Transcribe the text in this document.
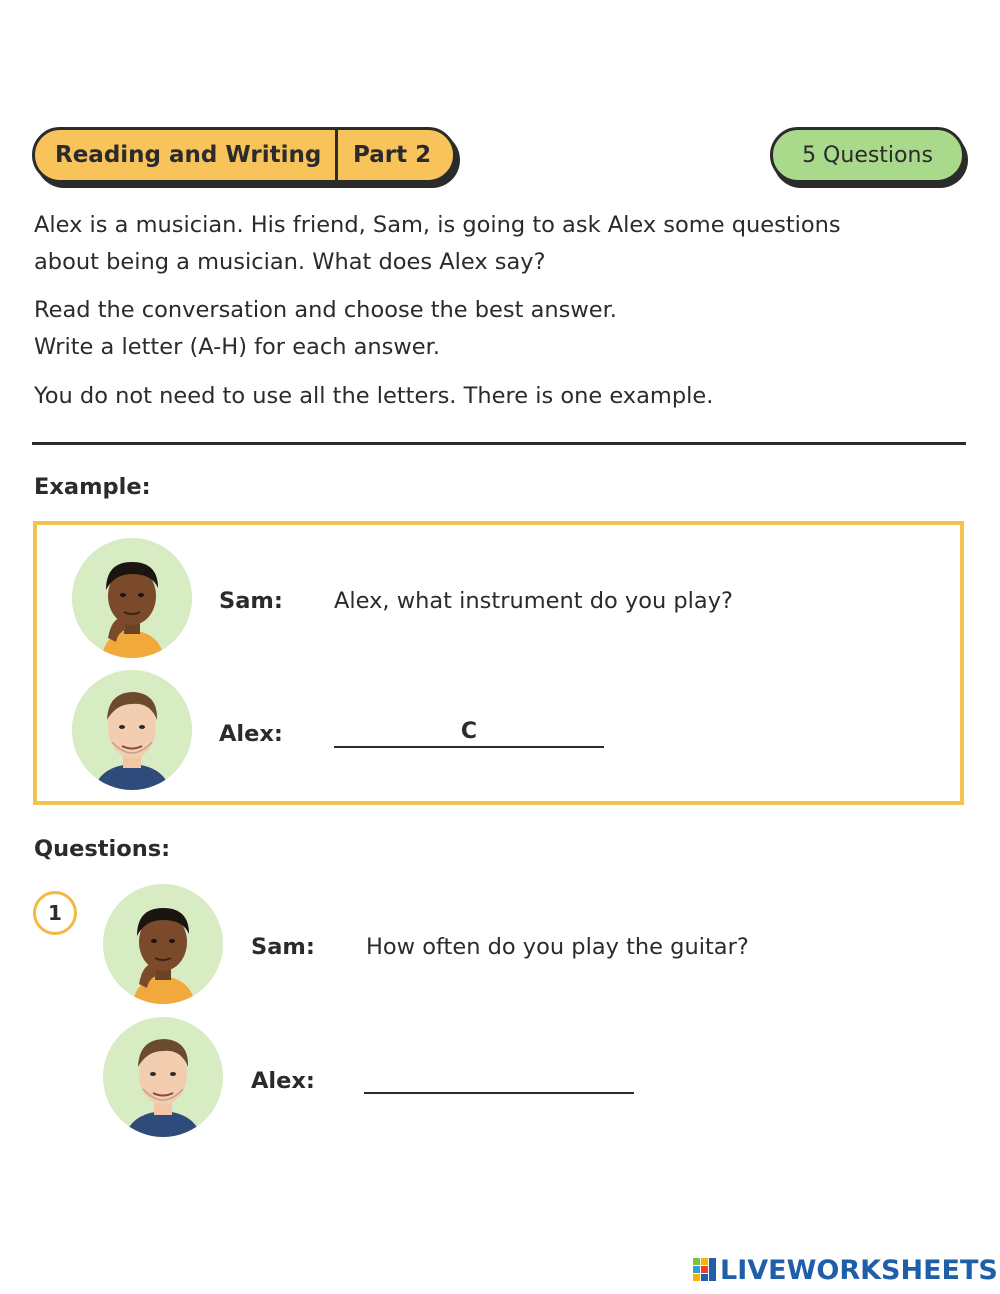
Reading and Writing	Part 2	5 Questions
Alex is a musician. His friend, Sam, is going to ask Alex some questions
about being a musician. What does Alex say?
Read the conversation and choose the best answer.
Write a letter (A-H) for each answer.
You do not need to use all the letters. There is one example.
Example:
Sam: Alex, what instrument do you play?
Alex:	C
Questions:
1
Sam: How often do you play the guitar?
Alex:
LIVEWORKSHEETS
